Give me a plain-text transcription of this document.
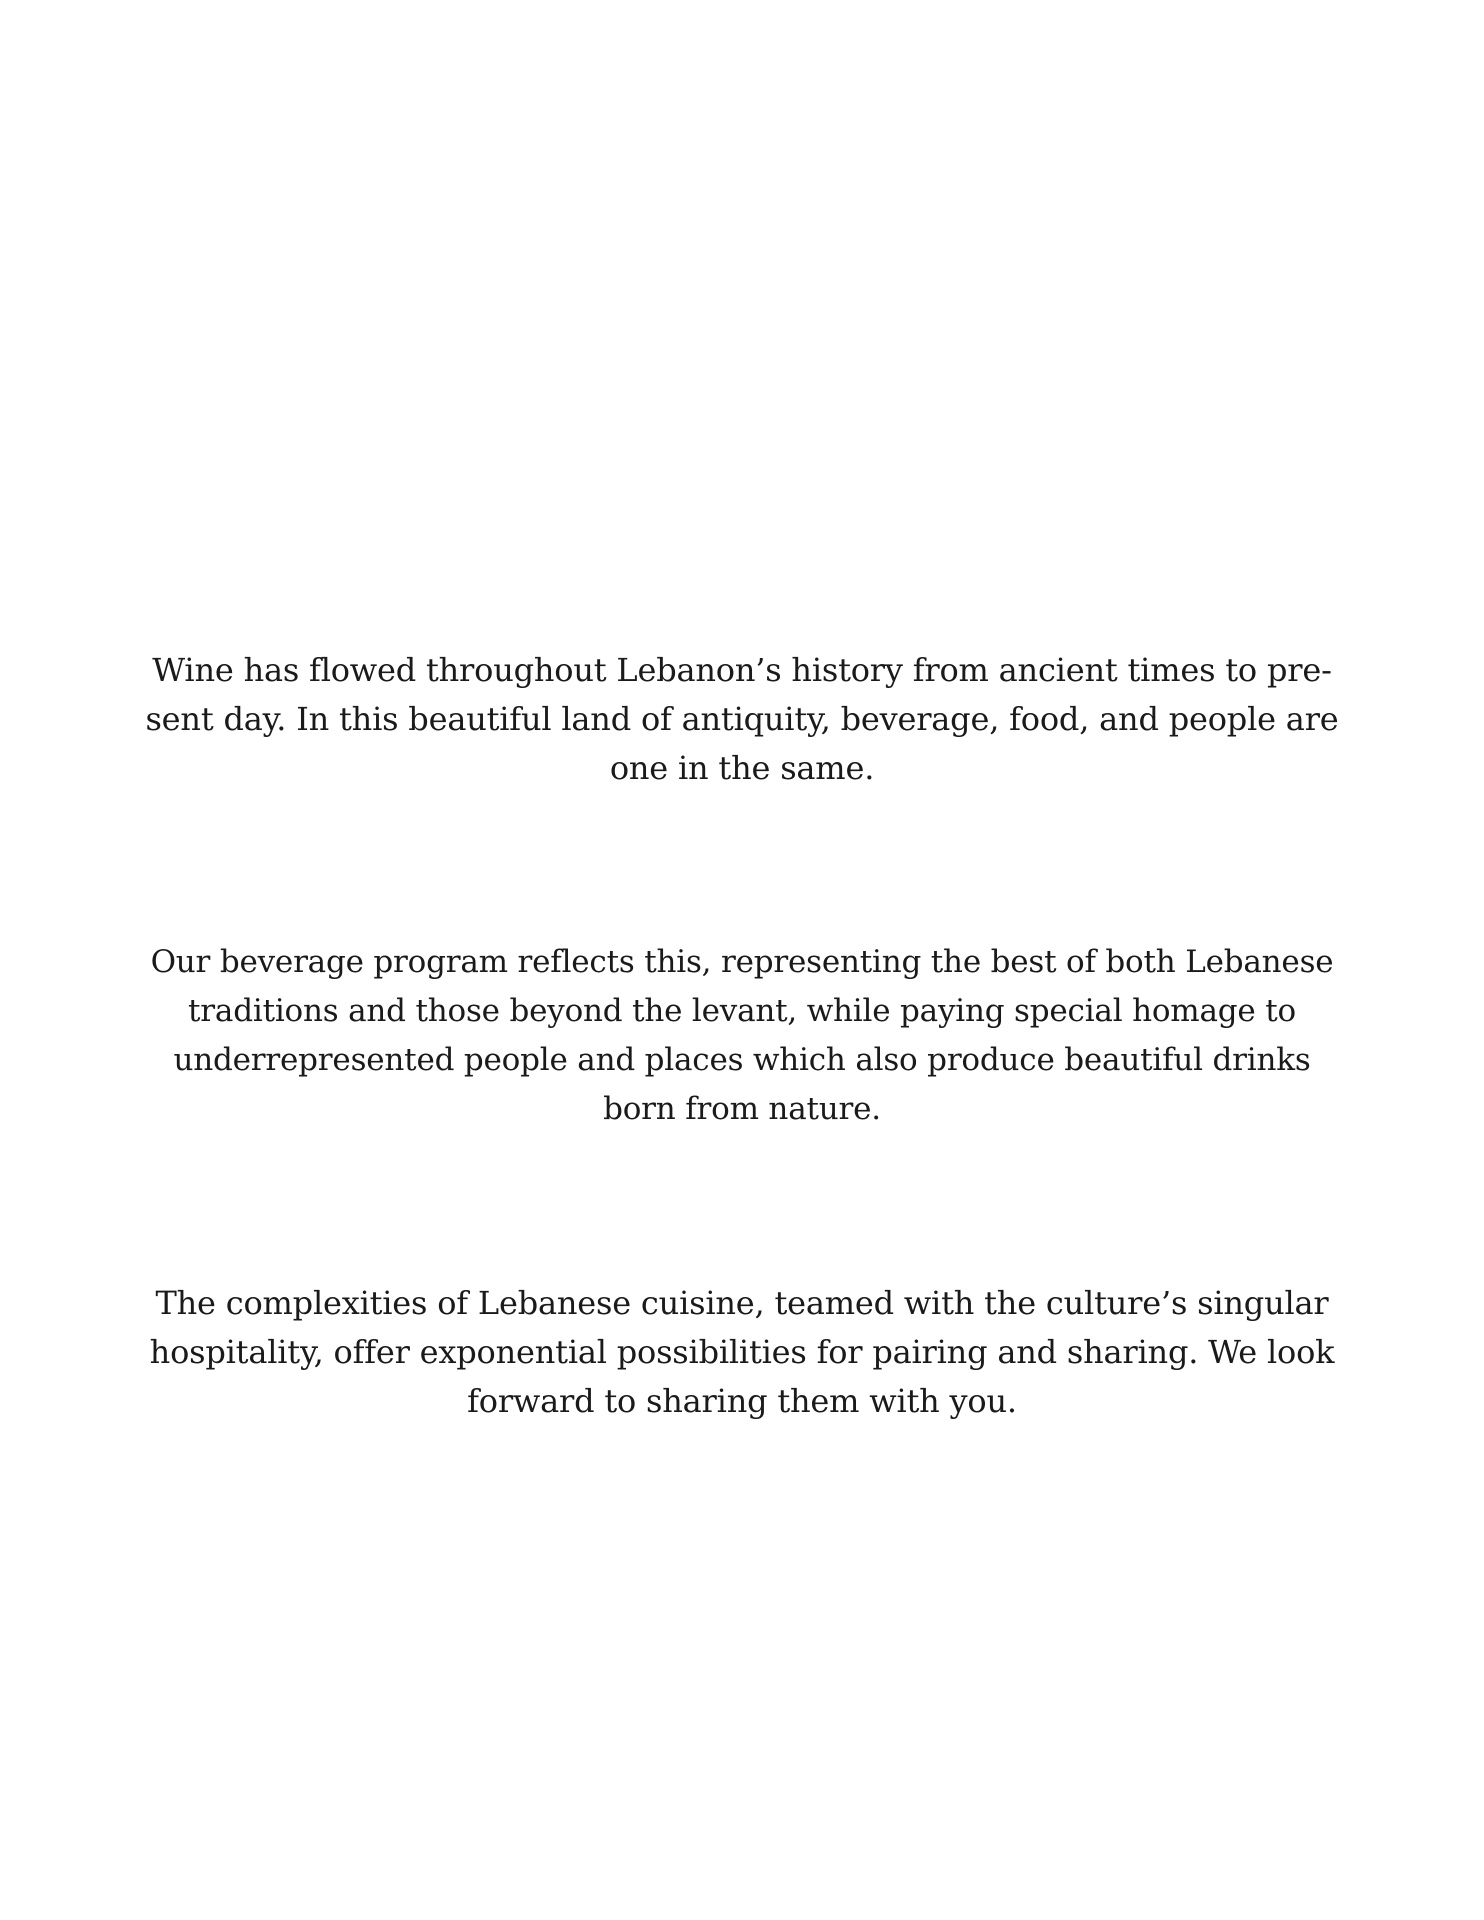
Wine has flowed throughout Lebanon’s history from ancient times to pre-
sent day. In this beautiful land of antiquity, beverage, food, and people are
one in the same.

Our beverage program reflects this, representing the best of both Lebanese
traditions and those beyond the levant, while paying special homage to
underrepresented people and places which also produce beautiful drinks
born from nature.

The complexities of Lebanese cuisine, teamed with the culture’s singular
hospitality, offer exponential possibilities for pairing and sharing. We look
forward to sharing them with you.
